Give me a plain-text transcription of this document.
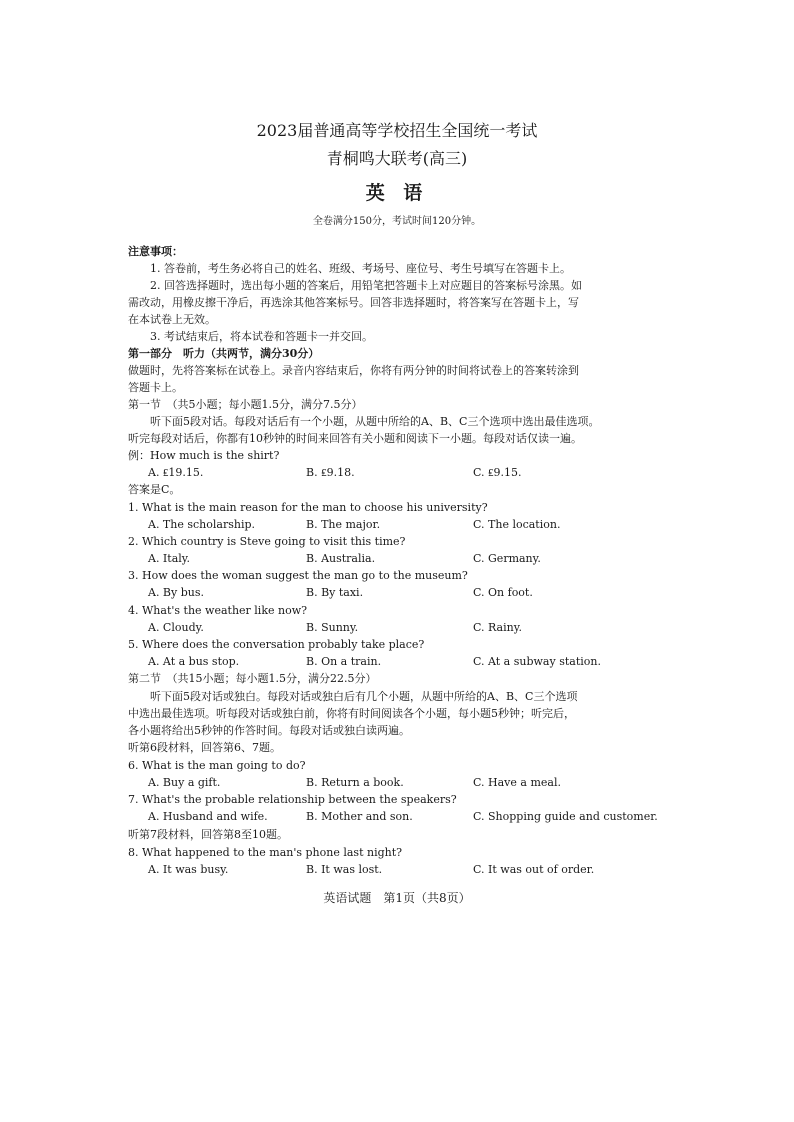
2023届普通高等学校招生全国统一考试
青桐鸣大联考(高三)
英 语
全卷满分150分，考试时间120分钟。
注意事项：
1. 答卷前，考生务必将自己的姓名、班级、考场号、座位号、考生号填写在答题卡上。
2. 回答选择题时，选出每小题的答案后，用铅笔把答题卡上对应题目的答案标号涂黑。如
需改动，用橡皮擦干净后，再选涂其他答案标号。回答非选择题时，将答案写在答题卡上，写
在本试卷上无效。
3. 考试结束后，将本试卷和答题卡一并交回。
第一部分　听力（共两节，满分30分）
做题时，先将答案标在试卷上。录音内容结束后，你将有两分钟的时间将试卷上的答案转涂到
答题卡上。
第一节　（共5小题；每小题1.5分，满分7.5分）
听下面5段对话。每段对话后有一个小题，从题中所给的A、B、C三个选项中选出最佳选项。
听完每段对话后，你都有10秒钟的时间来回答有关小题和阅读下一小题。每段对话仅读一遍。
例：How much is the shirt?
A. ₤19.15.	B. ₤9.18.	C. ₤9.15.
答案是C。
1. What is the main reason for the man to choose his university?
A. The scholarship.	B. The major.	C. The location.
2. Which country is Steve going to visit this time?
A. Italy.	B. Australia.	C. Germany.
3. How does the woman suggest the man go to the museum?
A. By bus.	B. By taxi.	C. On foot.
4. What's the weather like now?
A. Cloudy.	B. Sunny.	C. Rainy.
5. Where does the conversation probably take place?
A. At a bus stop.	B. On a train.	C. At a subway station.
第二节　（共15小题；每小题1.5分，满分22.5分）
听下面5段对话或独白。每段对话或独白后有几个小题，从题中所给的A、B、C三个选项
中选出最佳选项。听每段对话或独白前，你将有时间阅读各个小题，每小题5秒钟；听完后，
各小题将给出5秒钟的作答时间。每段对话或独白读两遍。
听第6段材料，回答第6、7题。
6. What is the man going to do?
A. Buy a gift.	B. Return a book.	C. Have a meal.
7. What's the probable relationship between the speakers?
A. Husband and wife.	B. Mother and son.	C. Shopping guide and customer.
听第7段材料，回答第8至10题。
8. What happened to the man's phone last night?
A. It was busy.	B. It was lost.	C. It was out of order.
英语试题　第1页（共8页）
